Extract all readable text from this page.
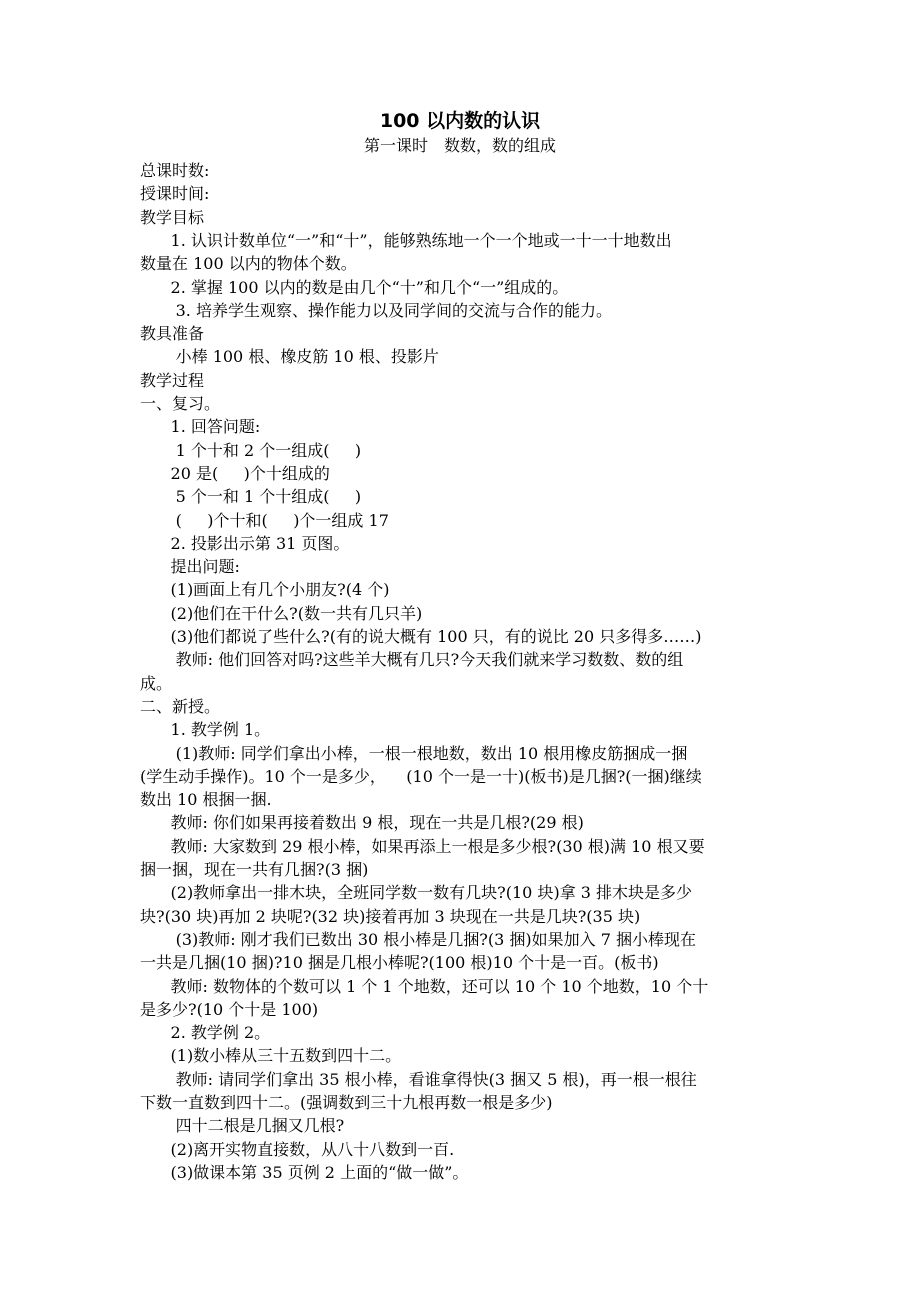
100 以内数的认识
第一课时　数数，数的组成
总课时数:
授课时间:
教学目标
1. 认识计数单位“一”和“十”，能够熟练地一个一个地或一十一十地数出
数量在 100 以内的物体个数。
2. 掌握 100 以内的数是由几个“十”和几个“一”组成的。
3. 培养学生观察、操作能力以及同学间的交流与合作的能力。
教具准备
小棒 100 根、橡皮筋 10 根、投影片
教学过程
一、复习。
1. 回答问题:
1 个十和 2 个一组成(     )
20 是(     )个十组成的
5 个一和 1 个十组成(     )
(     )个十和(     )个一组成 17
2. 投影出示第 31 页图。
提出问题:
(1)画面上有几个小朋友?(4 个)
(2)他们在干什么?(数一共有几只羊)
(3)他们都说了些什么?(有的说大概有 100 只，有的说比 20 只多得多……)
教师: 他们回答对吗?这些羊大概有几只?今天我们就来学习数数、数的组
成。
二、新授。
1. 教学例 1。
(1)教师: 同学们拿出小棒，一根一根地数，数出 10 根用橡皮筋捆成一捆
(学生动手操作)。10 个一是多少，    (10 个一是一十)(板书)是几捆?(一捆)继续
数出 10 根捆一捆.
教师: 你们如果再接着数出 9 根，现在一共是几根?(29 根)
教师: 大家数到 29 根小棒，如果再添上一根是多少根?(30 根)满 10 根又要
捆一捆，现在一共有几捆?(3 捆)
(2)教师拿出一排木块，全班同学数一数有几块?(10 块)拿 3 排木块是多少
块?(30 块)再加 2 块呢?(32 块)接着再加 3 块现在一共是几块?(35 块)
(3)教师: 刚才我们已数出 30 根小棒是几捆?(3 捆)如果加入 7 捆小棒现在
一共是几捆(10 捆)?10 捆是几根小棒呢?(100 根)10 个十是一百。(板书)
教师: 数物体的个数可以 1 个 1 个地数，还可以 10 个 10 个地数，10 个十
是多少?(10 个十是 100)
2. 教学例 2。
(1)数小棒从三十五数到四十二。
教师: 请同学们拿出 35 根小棒，看谁拿得快(3 捆又 5 根)，再一根一根往
下数一直数到四十二。(强调数到三十九根再数一根是多少)
四十二根是几捆又几根?
(2)离开实物直接数，从八十八数到一百.
(3)做课本第 35 页例 2 上面的“做一做”。
